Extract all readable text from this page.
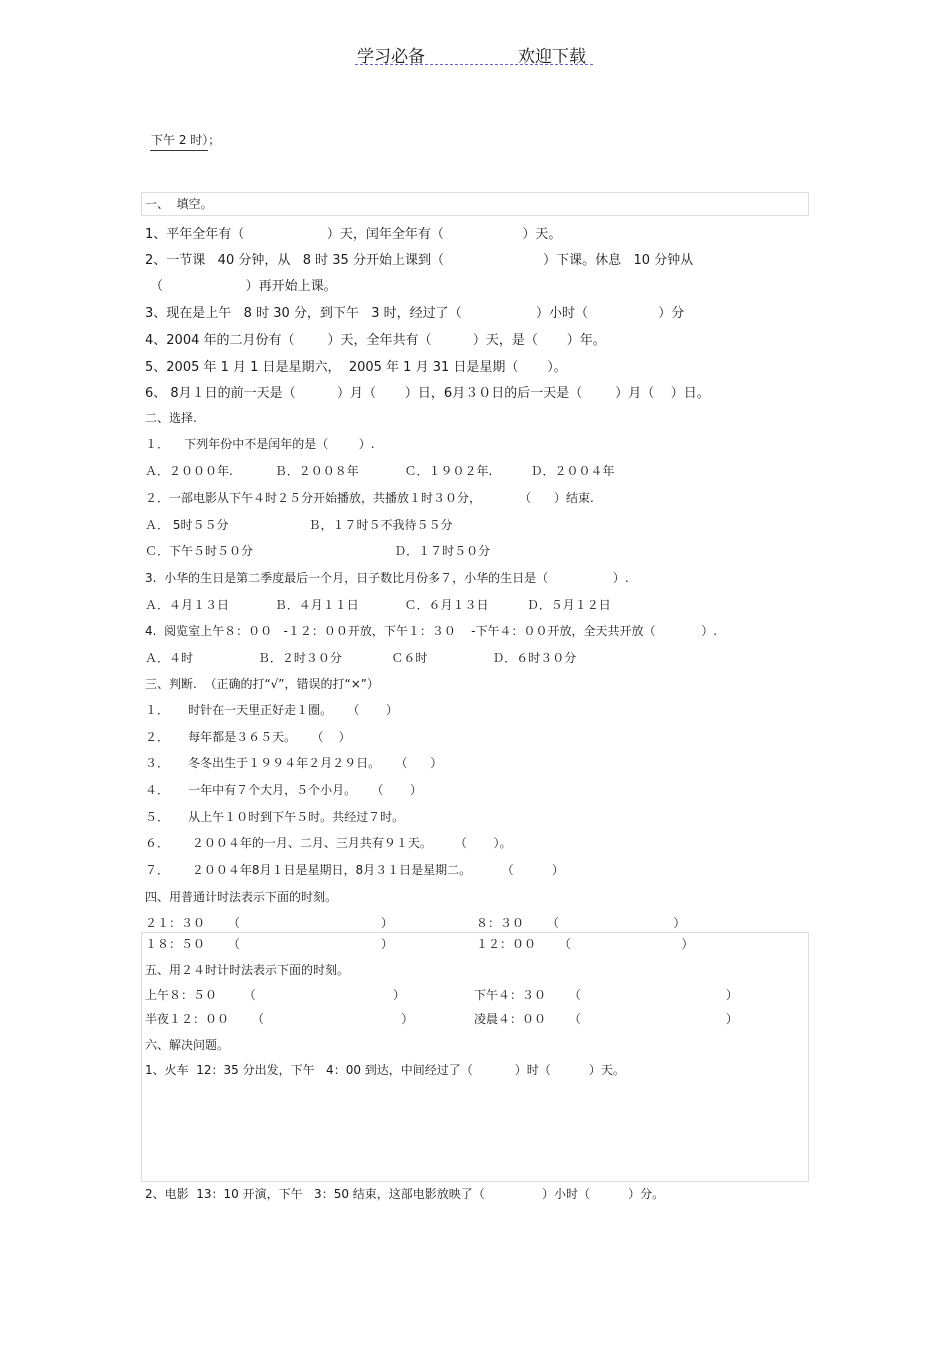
学习必备	欢迎下载
下午 2 时）；
一、  填空。
1、平年全年有（                    ）天，闰年全年有（                   ）天。
2、一节课   40 分钟，从   8 时 35 分开始上课到（                        ）下课。休息   10 分钟从
（                    ）再开始上课。
3、现在是上午   8 时 30 分，到下午   3 时，经过了（                  ）小时（                 ）分
4、2004 年的二月份有（        ）天，全年共有（          ）天，是（       ）年。
5、2005 年 1 月 1 日是星期六，  2005 年 1 月 31 日是星期（       ）。
6、 8月１日的前一天是（          ）月（       ）日，6月３０日的后一天是（        ）月（    ）日。
二、选择.
１．    下列年份中不是闰年的是（        ）.
Ａ．２０００年.           Ｂ．２００８年            Ｃ．１９０２年.          Ｄ．２００４年
２．一部电影从下午４时２５分开始播放，共播放１时３０分，          （      ）结束.
Ａ． 5时５５分                     Ｂ，１７时５不我待５５分
Ｃ．下午５时５０分                                     Ｄ．１７时５０分
3.  小华的生日是第二季度最后一个月，日子数比月份多７，小华的生日是（                 ）.
Ａ．４月１３日            Ｂ．４月１１日            Ｃ．６月１３日          Ｄ．５月１２日
4.  阅览室上午８：００   -１２：００开放，下午１：３０    -下午４：００开放，全天共开放（            ）.
Ａ．４时                 Ｂ．２时３０分             Ｃ６时                 Ｄ．６时３０分
三、判断.  （正确的打“√”，错误的打“×”）
１．     时针在一天里正好走１圈。    （       ）
２．     每年都是３６５天。    （    ）
３．     冬冬出生于１９９４年２月２９日。    （      ）
４．     一年中有７个大月，５个小月。    （       ）
５．     从上午１０时到下午５时。共经过７时。
６．      ２００４年的一月、二月、三月共有９１天。      （       ）。
７．      ２００４年8月１日是星期日，8月３１日是星期二。        （          ）
四、用普通计时法表示下面的时刻。
２１：３０      （                                     ）	８：３０      （                              ）
１８：５０      （                                     ）	１２：００      （                             ）
五、用２４时计时法表示下面的时刻。
上午８：５０       （                                    ）	下午４：３０      （                                      ）
半夜１２：００      （                                    ）	凌晨４：００      （                                      ）
六、解决问题。
1、火车  12：35 分出发，下午   4：00 到达，中间经过了（           ）时（          ）天。
2、电影  13：10 开演，下午   3：50 结束，这部电影放映了（               ）小时（          ）分。
